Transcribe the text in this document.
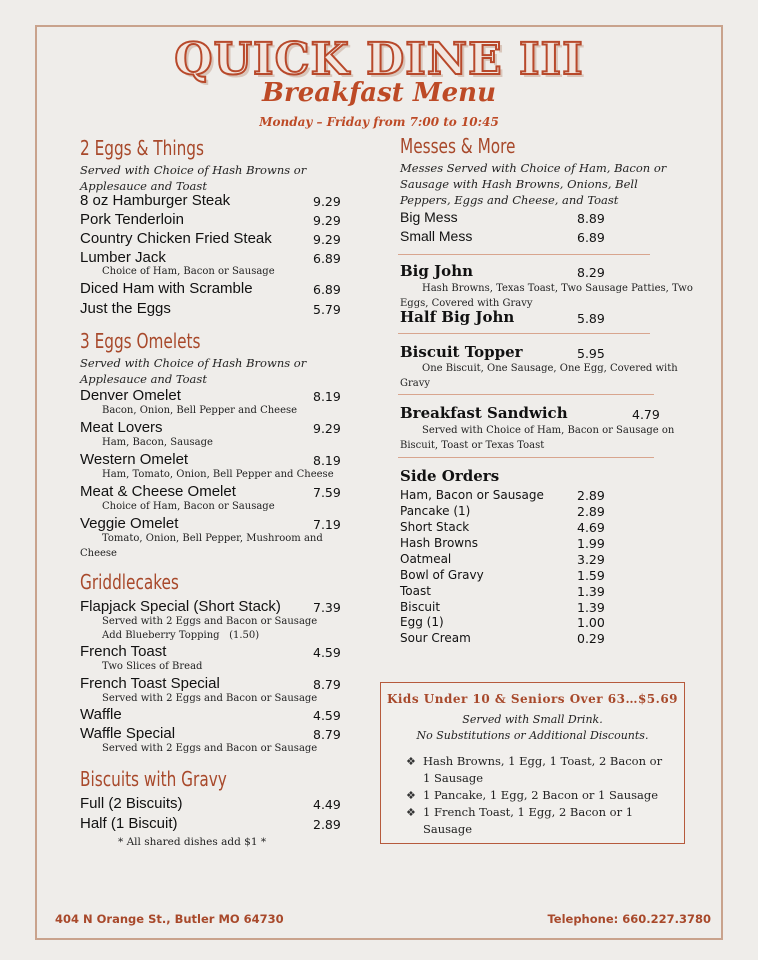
QUICK DINE III
Breakfast Menu
Monday – Friday from 7:00 to 10:45
2 Eggs & Things
Served with Choice of Hash Browns or Applesauce and Toast
8 oz Hamburger Steak	9.29
Pork Tenderloin	9.29
Country Chicken Fried Steak	9.29
Lumber Jack	6.89
Choice of Ham, Bacon or Sausage
Diced Ham with Scramble	6.89
Just the Eggs	5.79
3 Eggs Omelets
Served with Choice of Hash Browns or Applesauce and Toast
Denver Omelet	8.19
Bacon, Onion, Bell Pepper and Cheese
Meat Lovers	9.29
Ham, Bacon, Sausage
Western Omelet	8.19
Ham, Tomato, Onion, Bell Pepper and Cheese
Meat & Cheese Omelet	7.59
Choice of Ham, Bacon or Sausage
Veggie Omelet	7.19
Tomato, Onion, Bell Pepper, Mushroom and Cheese
Griddlecakes
Flapjack Special (Short Stack)	7.39
Served with 2 Eggs and Bacon or Sausage
Add Blueberry Topping   (1.50)
French Toast	4.59
Two Slices of Bread
French Toast Special	8.79
Served with 2 Eggs and Bacon or Sausage
Waffle	4.59
Waffle Special	8.79
Served with 2 Eggs and Bacon or Sausage
Biscuits with Gravy
Full (2 Biscuits)	4.49
Half (1 Biscuit)	2.89
* All shared dishes add $1 *
Messes & More
Messes Served with Choice of Ham, Bacon or Sausage with Hash Browns, Onions, Bell Peppers, Eggs and Cheese, and Toast
Big Mess	8.89
Small Mess	6.89
Big John	8.29
Hash Browns, Texas Toast, Two Sausage Patties, Two Eggs, Covered with Gravy
Half Big John	5.89
Biscuit Topper	5.95
One Biscuit, One Sausage, One Egg, Covered with Gravy
Breakfast Sandwich	4.79
Served with Choice of Ham, Bacon or Sausage on Biscuit, Toast or Texas Toast
Side Orders
Ham, Bacon or Sausage	2.89
Pancake (1)	2.89
Short Stack	4.69
Hash Browns	1.99
Oatmeal	3.29
Bowl of Gravy	1.59
Toast	1.39
Biscuit	1.39
Egg (1)	1.00
Sour Cream	0.29
Kids Under 10 & Seniors Over 63…$5.69
Served with Small Drink.
No Substitutions or Additional Discounts.
❖ Hash Browns, 1 Egg, 1 Toast, 2 Bacon or 1 Sausage
❖ 1 Pancake, 1 Egg, 2 Bacon or 1 Sausage
❖ 1 French Toast, 1 Egg, 2 Bacon or 1 Sausage
404 N Orange St., Butler MO 64730	Telephone: 660.227.3780
